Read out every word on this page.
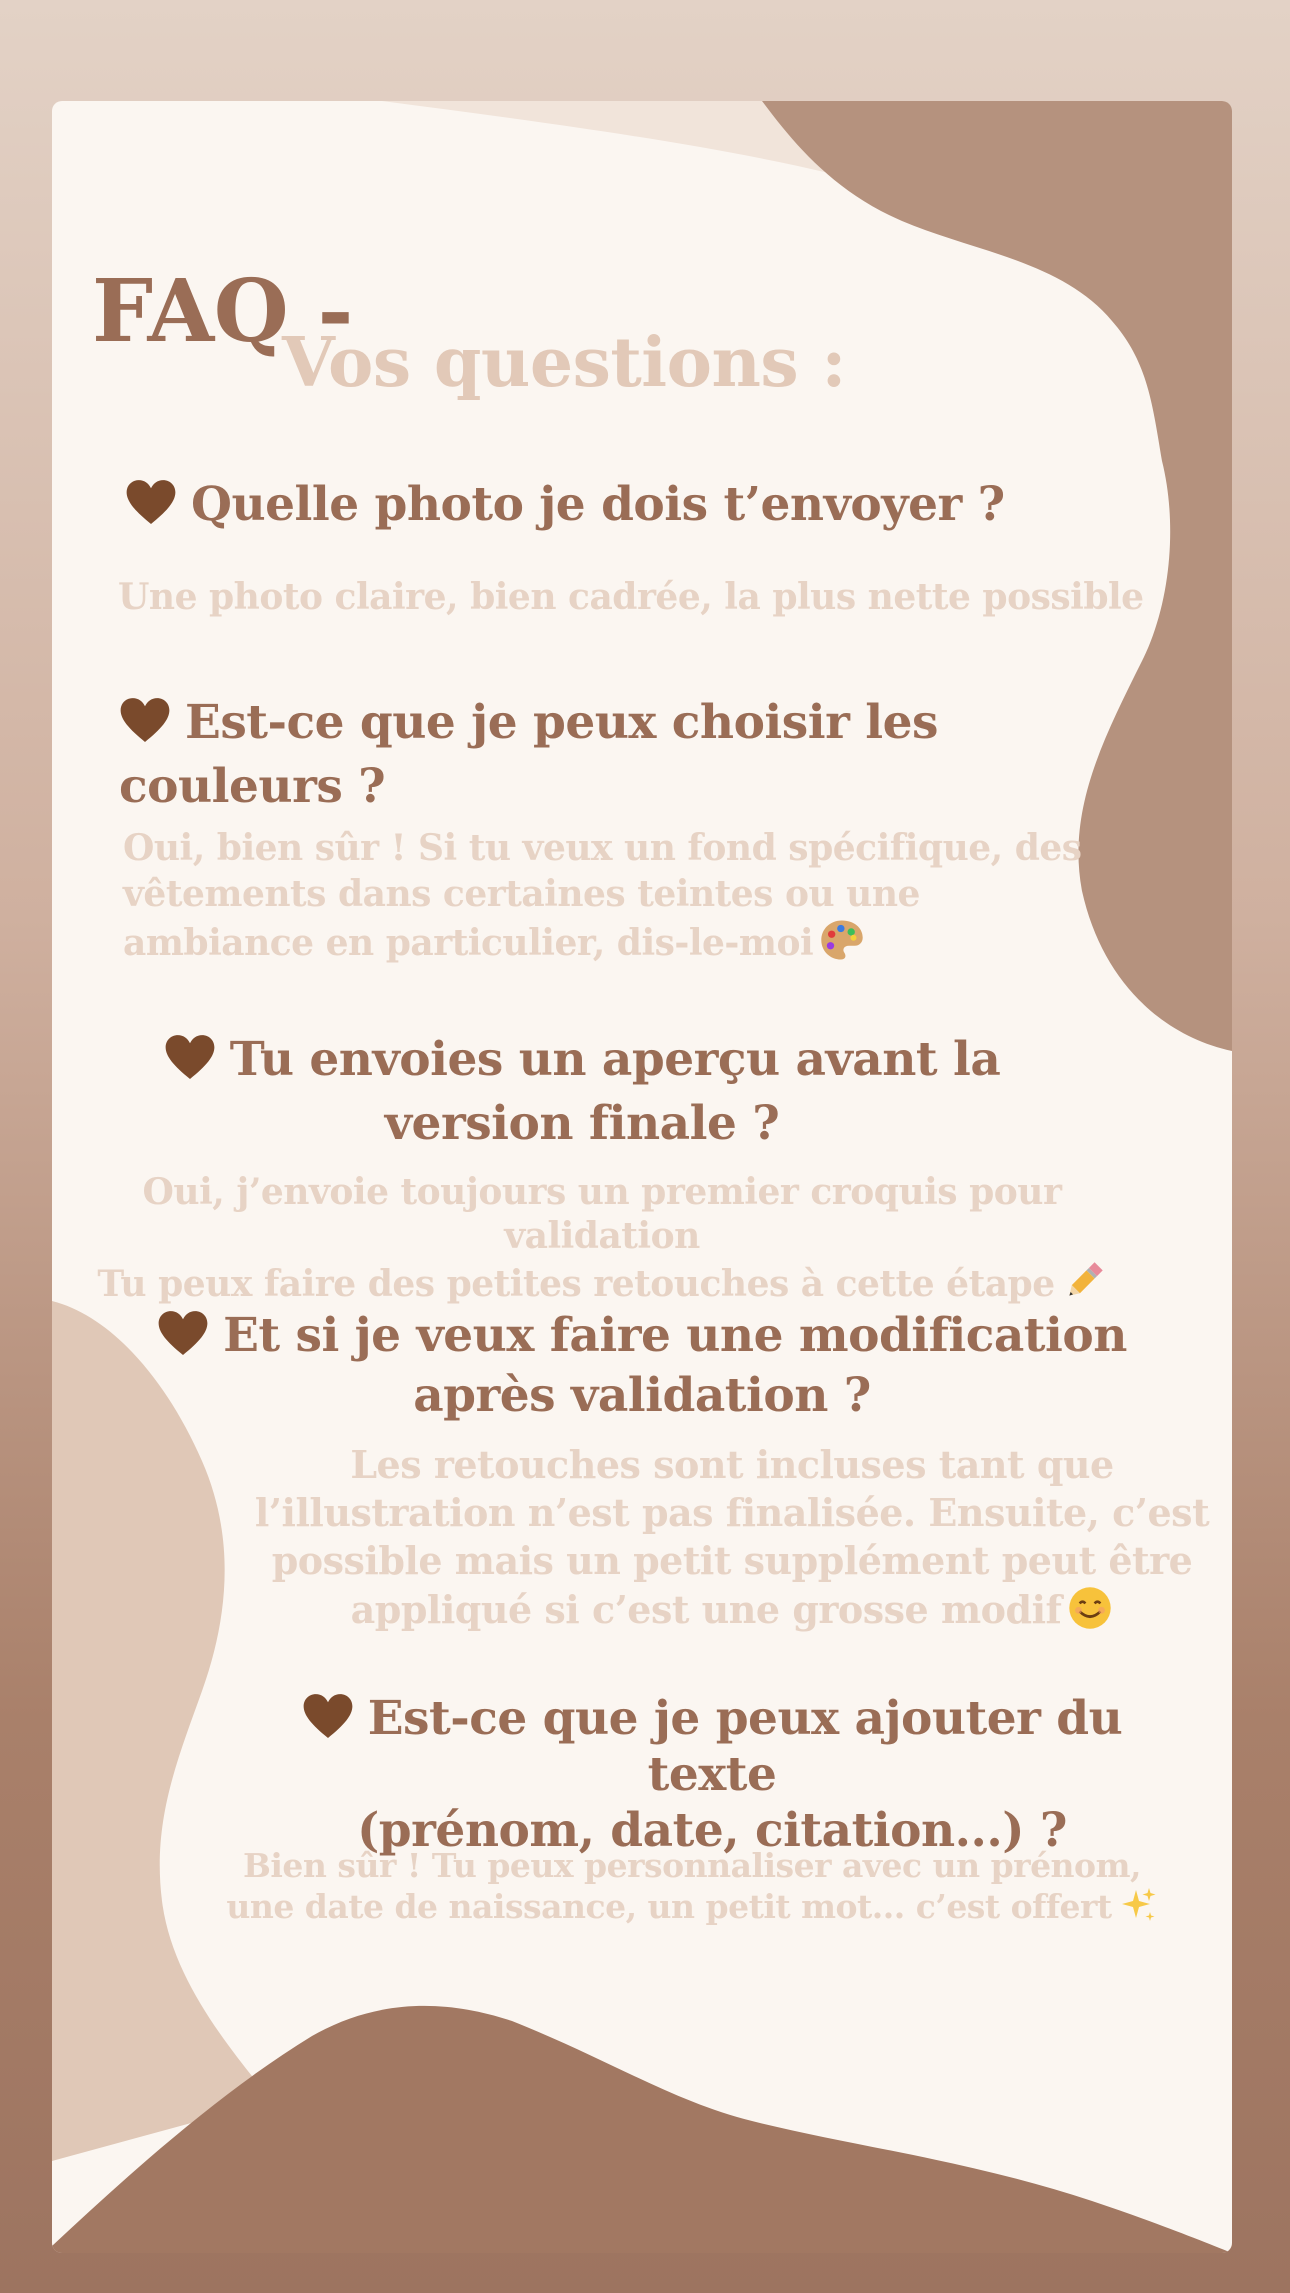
FAQ -
Vos questions :
Quelle photo je dois t’envoyer ?
Une photo claire, bien cadrée, la plus nette possible
Est-ce que je peux choisir les
couleurs ?
Oui, bien sûr ! Si tu veux un fond spécifique, des
vêtements dans certaines teintes ou une
ambiance en particulier, dis-le-moi
Tu envoies un aperçu avant la
version finale ?
Oui, j’envoie toujours un premier croquis pour validation
Tu peux faire des petites retouches à cette étape
Et si je veux faire une modification
après validation ?
Les retouches sont incluses tant que
l’illustration n’est pas finalisée. Ensuite, c’est
possible mais un petit supplément peut être
appliqué si c’est une grosse modif
Est-ce que je peux ajouter du texte
(prénom, date, citation...) ?
Bien sûr ! Tu peux personnaliser avec un prénom,
une date de naissance, un petit mot... c’est offert
